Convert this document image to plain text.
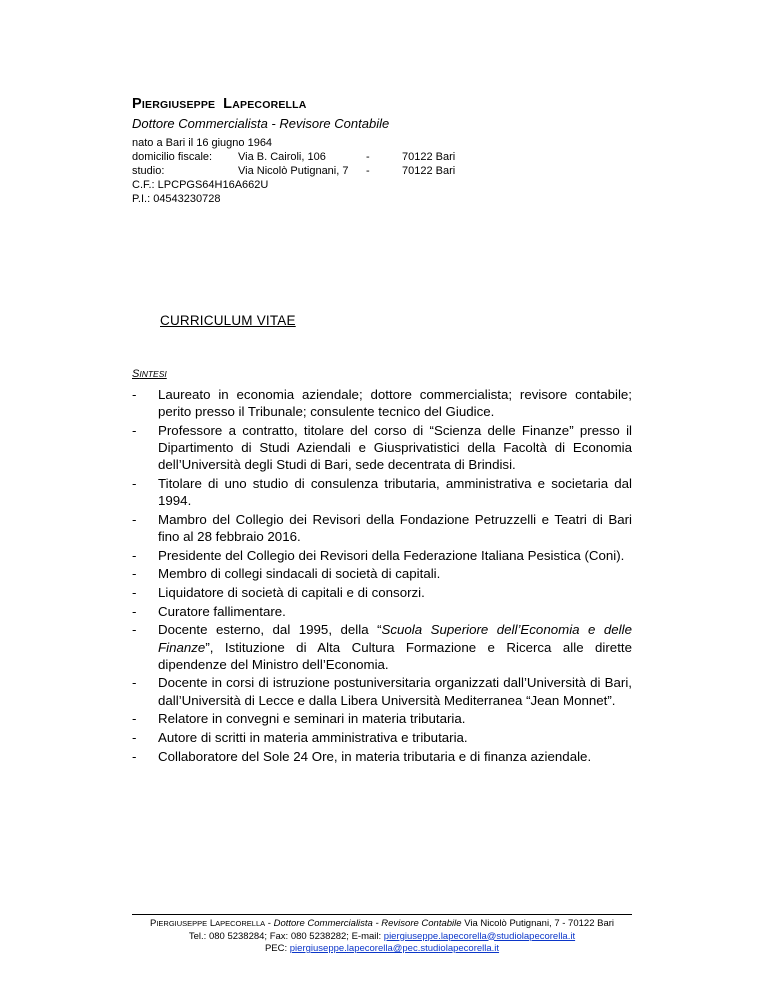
PIERGIUSEPPE LAPECORELLA
Dottore Commercialista - Revisore Contabile
nato a Bari il 16 giugno 1964
domicilio fiscale: Via B. Cairoli, 106	-	70122 Bari
studio:	Via Nicolò Putignani, 7 -	70122 Bari
C.F.: LPCPGS64H16A662U
P.I.: 04543230728
CURRICULUM VITAE
SINTESI
- Laureato in economia aziendale; dottore commercialista; revisore contabile; perito presso il Tribunale; consulente tecnico del Giudice.
- Professore a contratto, titolare del corso di “Scienza delle Finanze” presso il Dipartimento di Studi Aziendali e Giusprivatistici della Facoltà di Economia dell’Università degli Studi di Bari, sede decentrata di Brindisi.
- Titolare di uno studio di consulenza tributaria, amministrativa e societaria dal 1994.
- Mambro del Collegio dei Revisori della Fondazione Petruzzelli e Teatri di Bari fino al 28 febbraio 2016.
- Presidente del Collegio dei Revisori della Federazione Italiana Pesistica (Coni).
- Membro di collegi sindacali di società di capitali.
- Liquidatore di società di capitali e di consorzi.
- Curatore fallimentare.
- Docente esterno, dal 1995, della “Scuola Superiore dell’Economia e delle Finanze”, Istituzione di Alta Cultura Formazione e Ricerca alle dirette dipendenze del Ministro dell’Economia.
- Docente in corsi di istruzione postuniversitaria organizzati dall’Università di Bari, dall’Università di Lecce e dalla Libera Università Mediterranea “Jean Monnet”.
- Relatore in convegni e seminari in materia tributaria.
- Autore di scritti in materia amministrativa e tributaria.
- Collaboratore del Sole 24 Ore, in materia tributaria e di finanza aziendale.
PIERGIUSEPPE LAPECORELLA - Dottore Commercialista - Revisore Contabile Via Nicolò Putignani, 7 - 70122 Bari
Tel.: 080 5238284; Fax: 080 5238282; E-mail: piergiuseppe.lapecorella@studiolapecorella.it
PEC: piergiuseppe.lapecorella@pec.studiolapecorella.it
